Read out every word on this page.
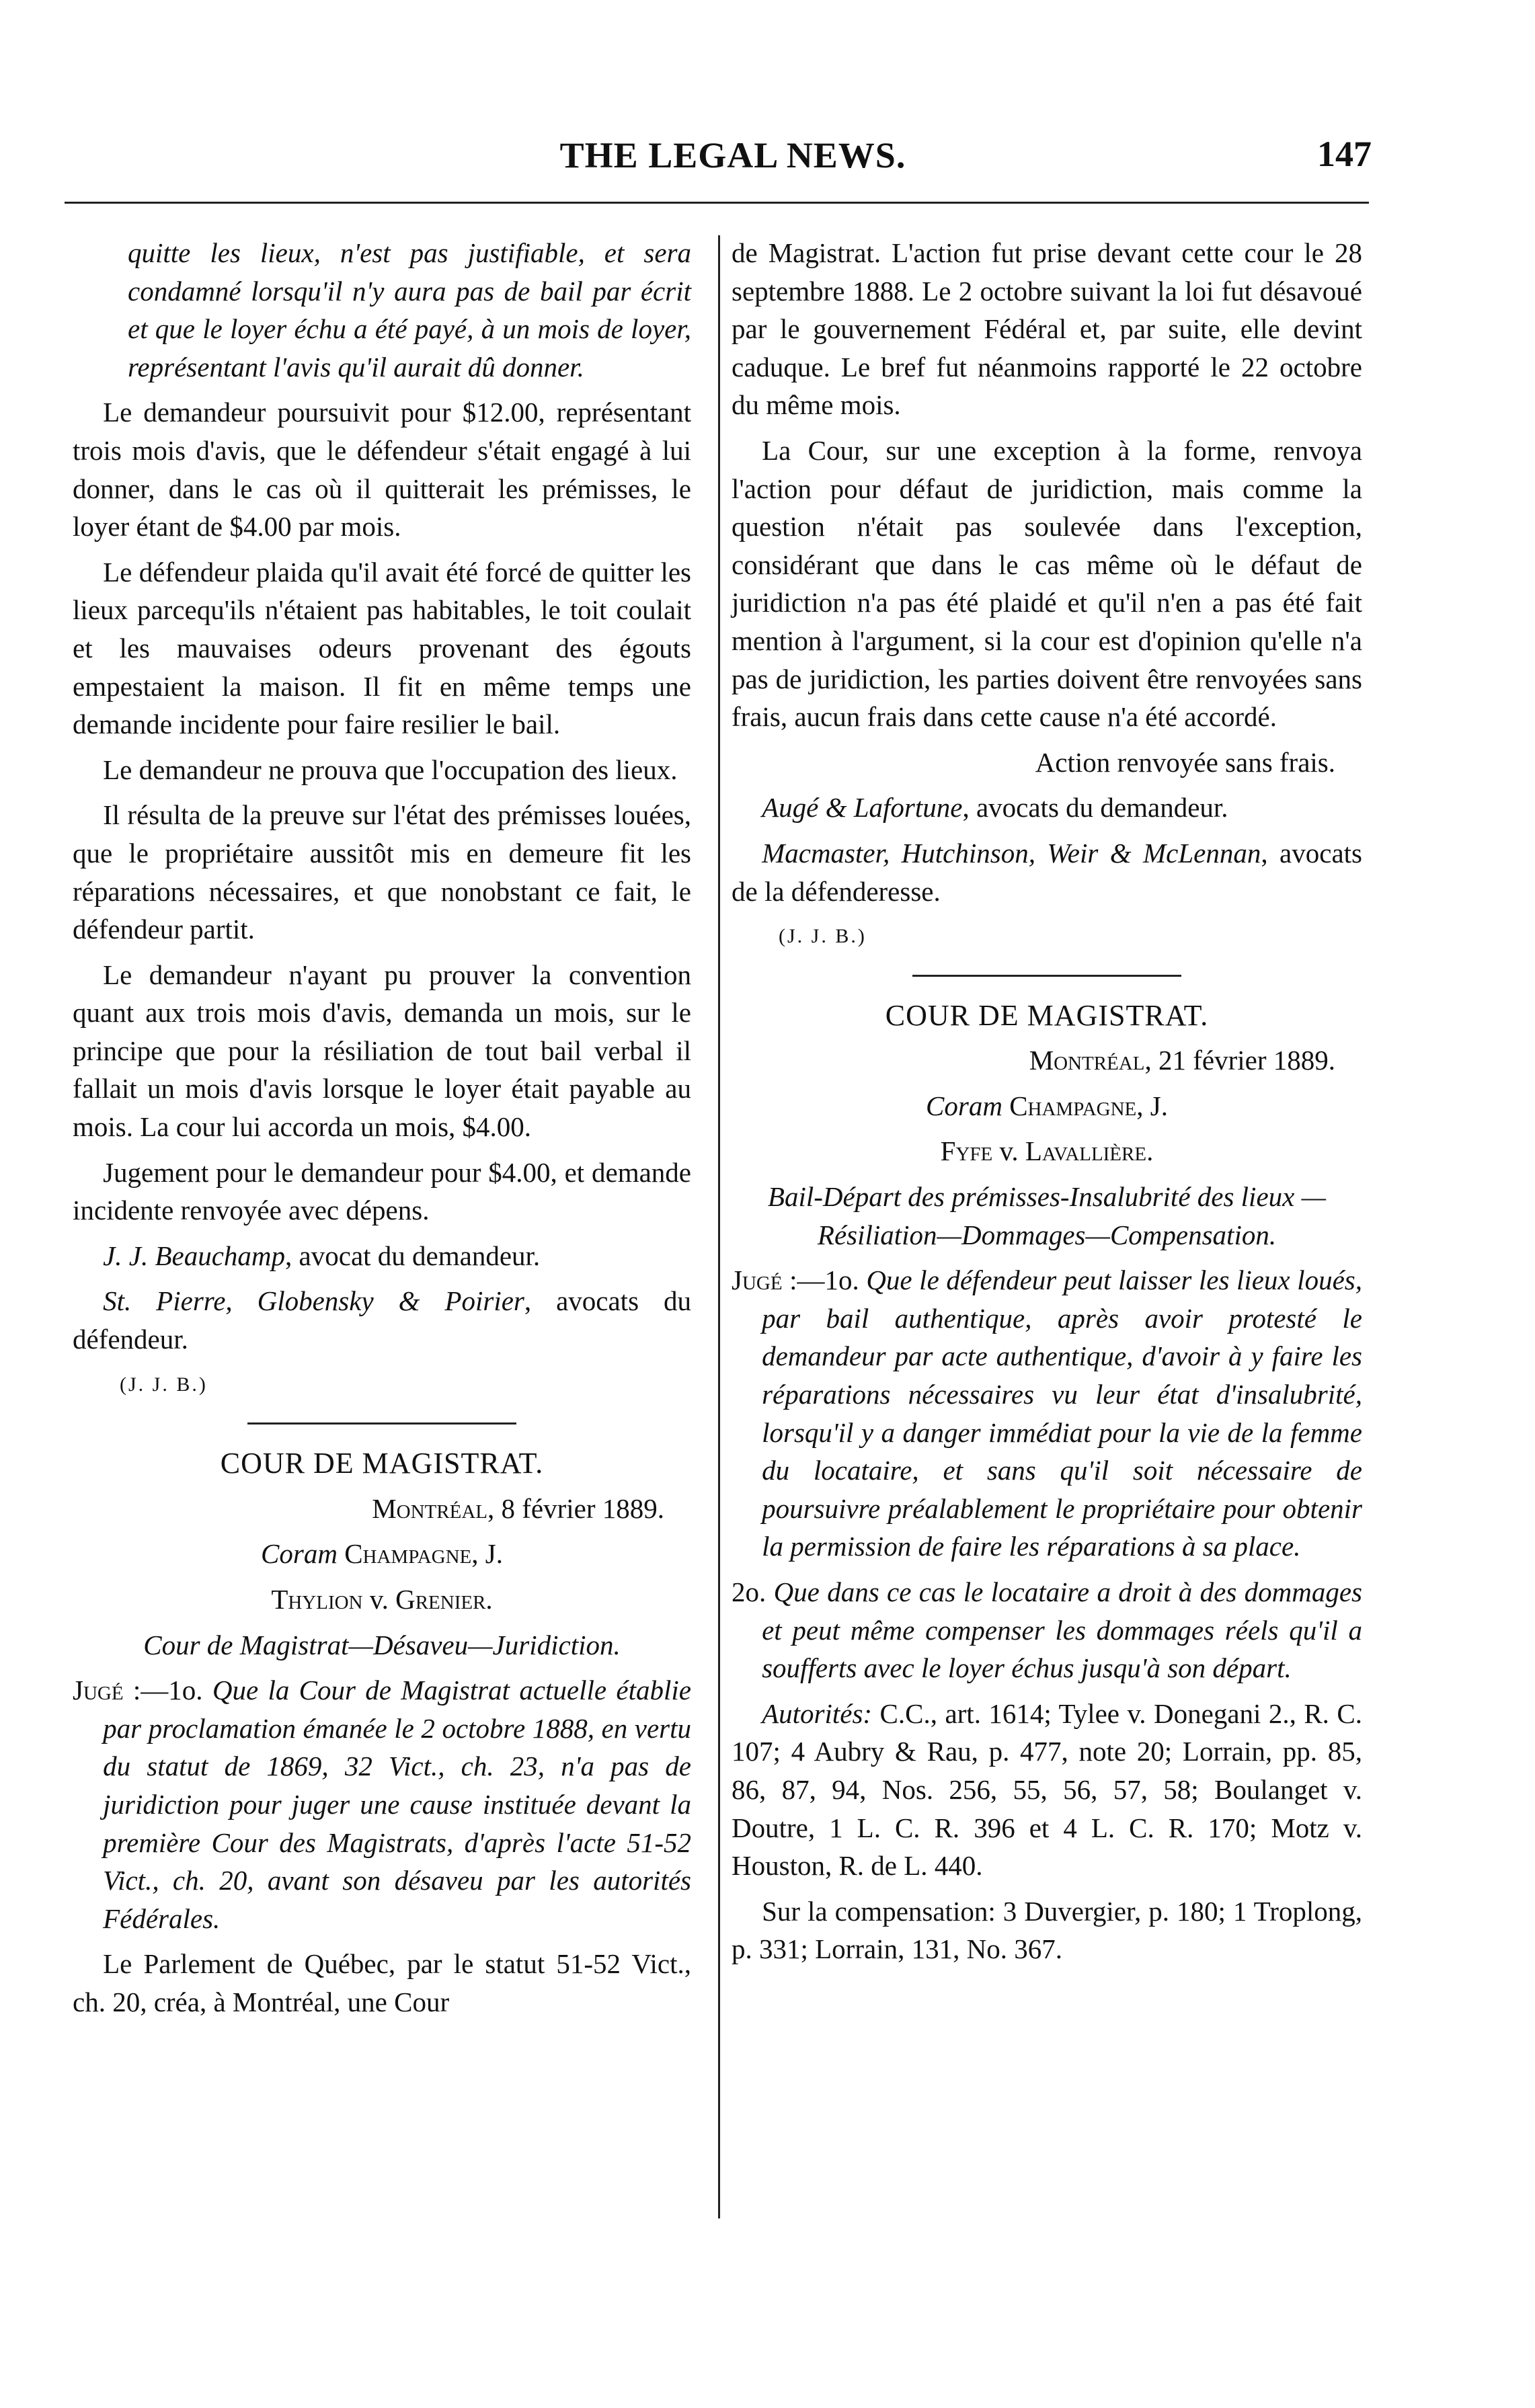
THE LEGAL NEWS.	147

quitte les lieux, n'est pas justifiable, et sera condamné lorsqu'il n'y aura pas de bail par écrit et que le loyer échu a été payé, à un mois de loyer, représentant l'avis qu'il aurait dû donner.

Le demandeur poursuivit pour $12.00, représentant trois mois d'avis, que le défendeur s'était engagé à lui donner, dans le cas où il quitterait les prémisses, le loyer étant de $4.00 par mois.

Le défendeur plaida qu'il avait été forcé de quitter les lieux parcequ'ils n'étaient pas habitables, le toit coulait et les mauvaises odeurs provenant des égouts empestaient la maison. Il fit en même temps une demande incidente pour faire resilier le bail.

Le demandeur ne prouva que l'occupation des lieux.

Il résulta de la preuve sur l'état des prémisses louées, que le propriétaire aussitôt mis en demeure fit les réparations nécessaires, et que nonobstant ce fait, le défendeur partit.

Le demandeur n'ayant pu prouver la convention quant aux trois mois d'avis, demanda un mois, sur le principe que pour la résiliation de tout bail verbal il fallait un mois d'avis lorsque le loyer était payable au mois. La cour lui accorda un mois, $4.00.

Jugement pour le demandeur pour $4.00, et demande incidente renvoyée avec dépens.

J. J. Beauchamp, avocat du demandeur.

St. Pierre, Globensky & Poirier, avocats du défendeur.

(J. J. B.)

COUR DE MAGISTRAT.

Montréal, 8 février 1889.

Coram Champagne, J.

Thylion v. Grenier.

Cour de Magistrat—Désaveu—Juridiction.

Jugé :—1o. Que la Cour de Magistrat actuelle établie par proclamation émanée le 2 octobre 1888, en vertu du statut de 1869, 32 Vict., ch. 23, n'a pas de juridiction pour juger une cause instituée devant la première Cour des Magistrats, d'après l'acte 51-52 Vict., ch. 20, avant son désaveu par les autorités Fédérales.

Le Parlement de Québec, par le statut 51-52 Vict., ch. 20, créa, à Montréal, une Cour

de Magistrat. L'action fut prise devant cette cour le 28 septembre 1888. Le 2 octobre suivant la loi fut désavoué par le gouvernement Fédéral et, par suite, elle devint caduque. Le bref fut néanmoins rapporté le 22 octobre du même mois.

La Cour, sur une exception à la forme, renvoya l'action pour défaut de juridiction, mais comme la question n'était pas soulevée dans l'exception, considérant que dans le cas même où le défaut de juridiction n'a pas été plaidé et qu'il n'en a pas été fait mention à l'argument, si la cour est d'opinion qu'elle n'a pas de juridiction, les parties doivent être renvoyées sans frais, aucun frais dans cette cause n'a été accordé.

Action renvoyée sans frais.

Augé & Lafortune, avocats du demandeur.

Macmaster, Hutchinson, Weir & McLennan, avocats de la défenderesse.

(J. J. B.)

COUR DE MAGISTRAT.

Montréal, 21 février 1889.

Coram Champagne, J.

Fyfe v. Lavallière.

Bail-Départ des prémisses-Insalubrité des lieux —Résiliation—Dommages—Compensation.

Jugé :—1o. Que le défendeur peut laisser les lieux loués, par bail authentique, après avoir protesté le demandeur par acte authentique, d'avoir à y faire les réparations nécessaires vu leur état d'insalubrité, lorsqu'il y a danger immédiat pour la vie de la femme du locataire, et sans qu'il soit nécessaire de poursuivre préalablement le propriétaire pour obtenir la permission de faire les réparations à sa place.

2o. Que dans ce cas le locataire a droit à des dommages et peut même compenser les dommages réels qu'il a soufferts avec le loyer échus jusqu'à son départ.

Autorités: C.C., art. 1614; Tylee v. Donegani 2., R. C. 107; 4 Aubry & Rau, p. 477, note 20; Lorrain, pp. 85, 86, 87, 94, Nos. 256, 55, 56, 57, 58; Boulanget v. Doutre, 1 L. C. R. 396 et 4 L. C. R. 170; Motz v. Houston, R. de L. 440.

Sur la compensation: 3 Duvergier, p. 180; 1 Troplong, p. 331; Lorrain, 131, No. 367.
